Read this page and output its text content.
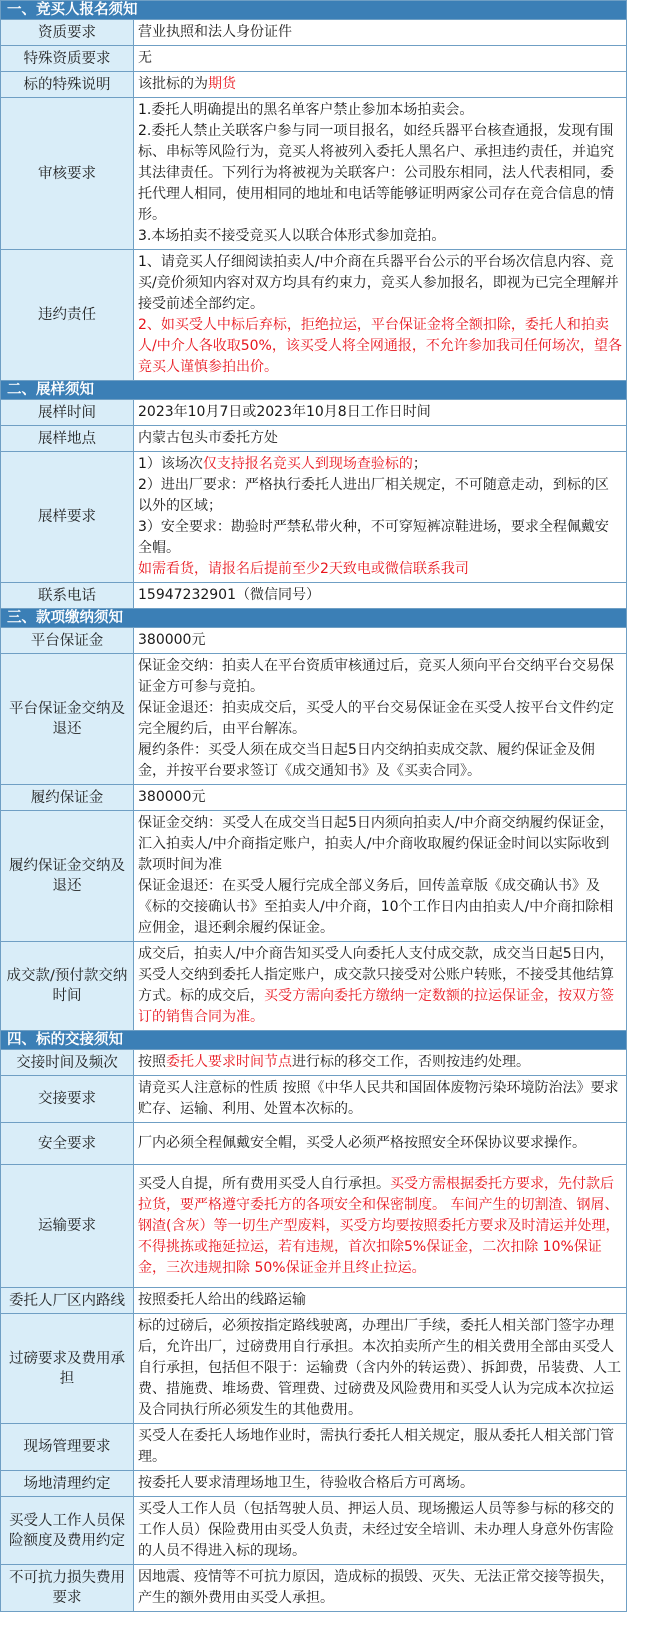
一、竞买人报名须知	
资质要求	营业执照和法人身份证件

特殊资质要求	无

标的特殊说明	该批标的为期货

审核要求	1.委托人明确提出的黑名单客户禁止参加本场拍卖会。
2.委托人禁止关联客户参与同一项目报名，如经兵器平台核查通报，发现有围标、串标等风险行为，竞买人将被列入委托人黑名户、承担违约责任，并追究其法律责任。下列行为将被视为关联客户：公司股东相同，法人代表相同，委托代理人相同，使用相同的地址和电话等能够证明两家公司存在竞合信息的情形。
3.本场拍卖不接受竞买人以联合体形式参加竞拍。

违约责任	1、请竞买人仔细阅读拍卖人/中介商在兵器平台公示的平台场次信息内容、竞买/竞价须知内容对双方均具有约束力，竞买人参加报名，即视为已完全理解并接受前述全部约定。
2、如买受人中标后弃标，拒绝拉运，平台保证金将全额扣除，委托人和拍卖人/中介人各收取50%，该买受人将全网通报，不允许参加我司任何场次，望各竞买人谨慎参拍出价。

二、展样须知	
展样时间	2023年10月7日或2023年10月8日工作日时间

展样地点	内蒙古包头市委托方处

展样要求	1）该场次仅支持报名竞买人到现场查验标的；
2）进出厂要求：严格执行委托人进出厂相关规定，不可随意走动，到标的区以外的区域；
3）安全要求：勘验时严禁私带火种，不可穿短裤凉鞋进场，要求全程佩戴安全帽。
如需看货，请报名后提前至少2天致电或微信联系我司

联系电话	15947232901（微信同号）

三、款项缴纳须知	
平台保证金	380000元

平台保证金交纳及退还	保证金交纳：拍卖人在平台资质审核通过后，竞买人须向平台交纳平台交易保证金方可参与竞拍。
保证金退还：拍卖成交后，买受人的平台交易保证金在买受人按平台文件约定完全履约后，由平台解冻。
履约条件：买受人须在成交当日起5日内交纳拍卖成交款、履约保证金及佣金，并按平台要求签订《成交通知书》及《买卖合同》。

履约保证金	380000元

履约保证金交纳及退还	保证金交纳：买受人在成交当日起5日内须向拍卖人/中介商交纳履约保证金，汇入拍卖人/中介商指定账户，拍卖人/中介商收取履约保证金时间以实际收到款项时间为准
保证金退还：在买受人履行完成全部义务后，回传盖章版《成交确认书》及《标的交接确认书》至拍卖人/中介商，10个工作日内由拍卖人/中介商扣除相应佣金，退还剩余履约保证金。

成交款/预付款交纳时间	成交后，拍卖人/中介商告知买受人向委托人支付成交款，成交当日起5日内，买受人交纳到委托人指定账户，成交款只接受对公账户转账，不接受其他结算方式。标的成交后，买受方需向委托方缴纳一定数额的拉运保证金，按双方签订的销售合同为准。

四、标的交接须知	
交接时间及频次	按照委托人要求时间节点进行标的移交工作，否则按违约处理。

交接要求	请竞买人注意标的性质 按照《中华人民共和国固体废物污染环境防治法》要求贮存、运输、利用、处置本次标的。

安全要求	厂内必须全程佩戴安全帽，买受人必须严格按照安全环保协议要求操作。

运输要求	买受人自提，所有费用买受人自行承担。买受方需根据委托方要求，先付款后拉货，要严格遵守委托方的各项安全和保密制度。 车间产生的切割渣、钢屑、钢渣(含灰）等一切生产型废料，买受方均要按照委托方要求及时清运并处理，不得挑拣或拖延拉运，若有违规，首次扣除5%保证金，二次扣除 10%保证金，三次违规扣除 50%保证金并且终止拉运。

委托人厂区内路线	按照委托人给出的线路运输

过磅要求及费用承担	标的过磅后，必须按指定路线驶离，办理出厂手续，委托人相关部门签字办理后，允许出厂，过磅费用自行承担。本次拍卖所产生的相关费用全部由买受人自行承担，包括但不限于：运输费（含内外的转运费）、拆卸费，吊装费、人工费、措施费、堆场费、管理费、过磅费及风险费用和买受人认为完成本次拉运及合同执行所必须发生的其他费用。

现场管理要求	买受人在委托人场地作业时，需执行委托人相关规定，服从委托人相关部门管理。

场地清理约定	按委托人要求清理场地卫生，待验收合格后方可离场。

买受人工作人员保险额度及费用约定	买受人工作人员（包括驾驶人员、押运人员、现场搬运人员等参与标的移交的工作人员）保险费用由买受人负责，未经过安全培训、未办理人身意外伤害险的人员不得进入标的现场。

不可抗力损失费用要求	因地震、疫情等不可抗力原因，造成标的损毁、灭失、无法正常交接等损失，产生的额外费用由买受人承担。
